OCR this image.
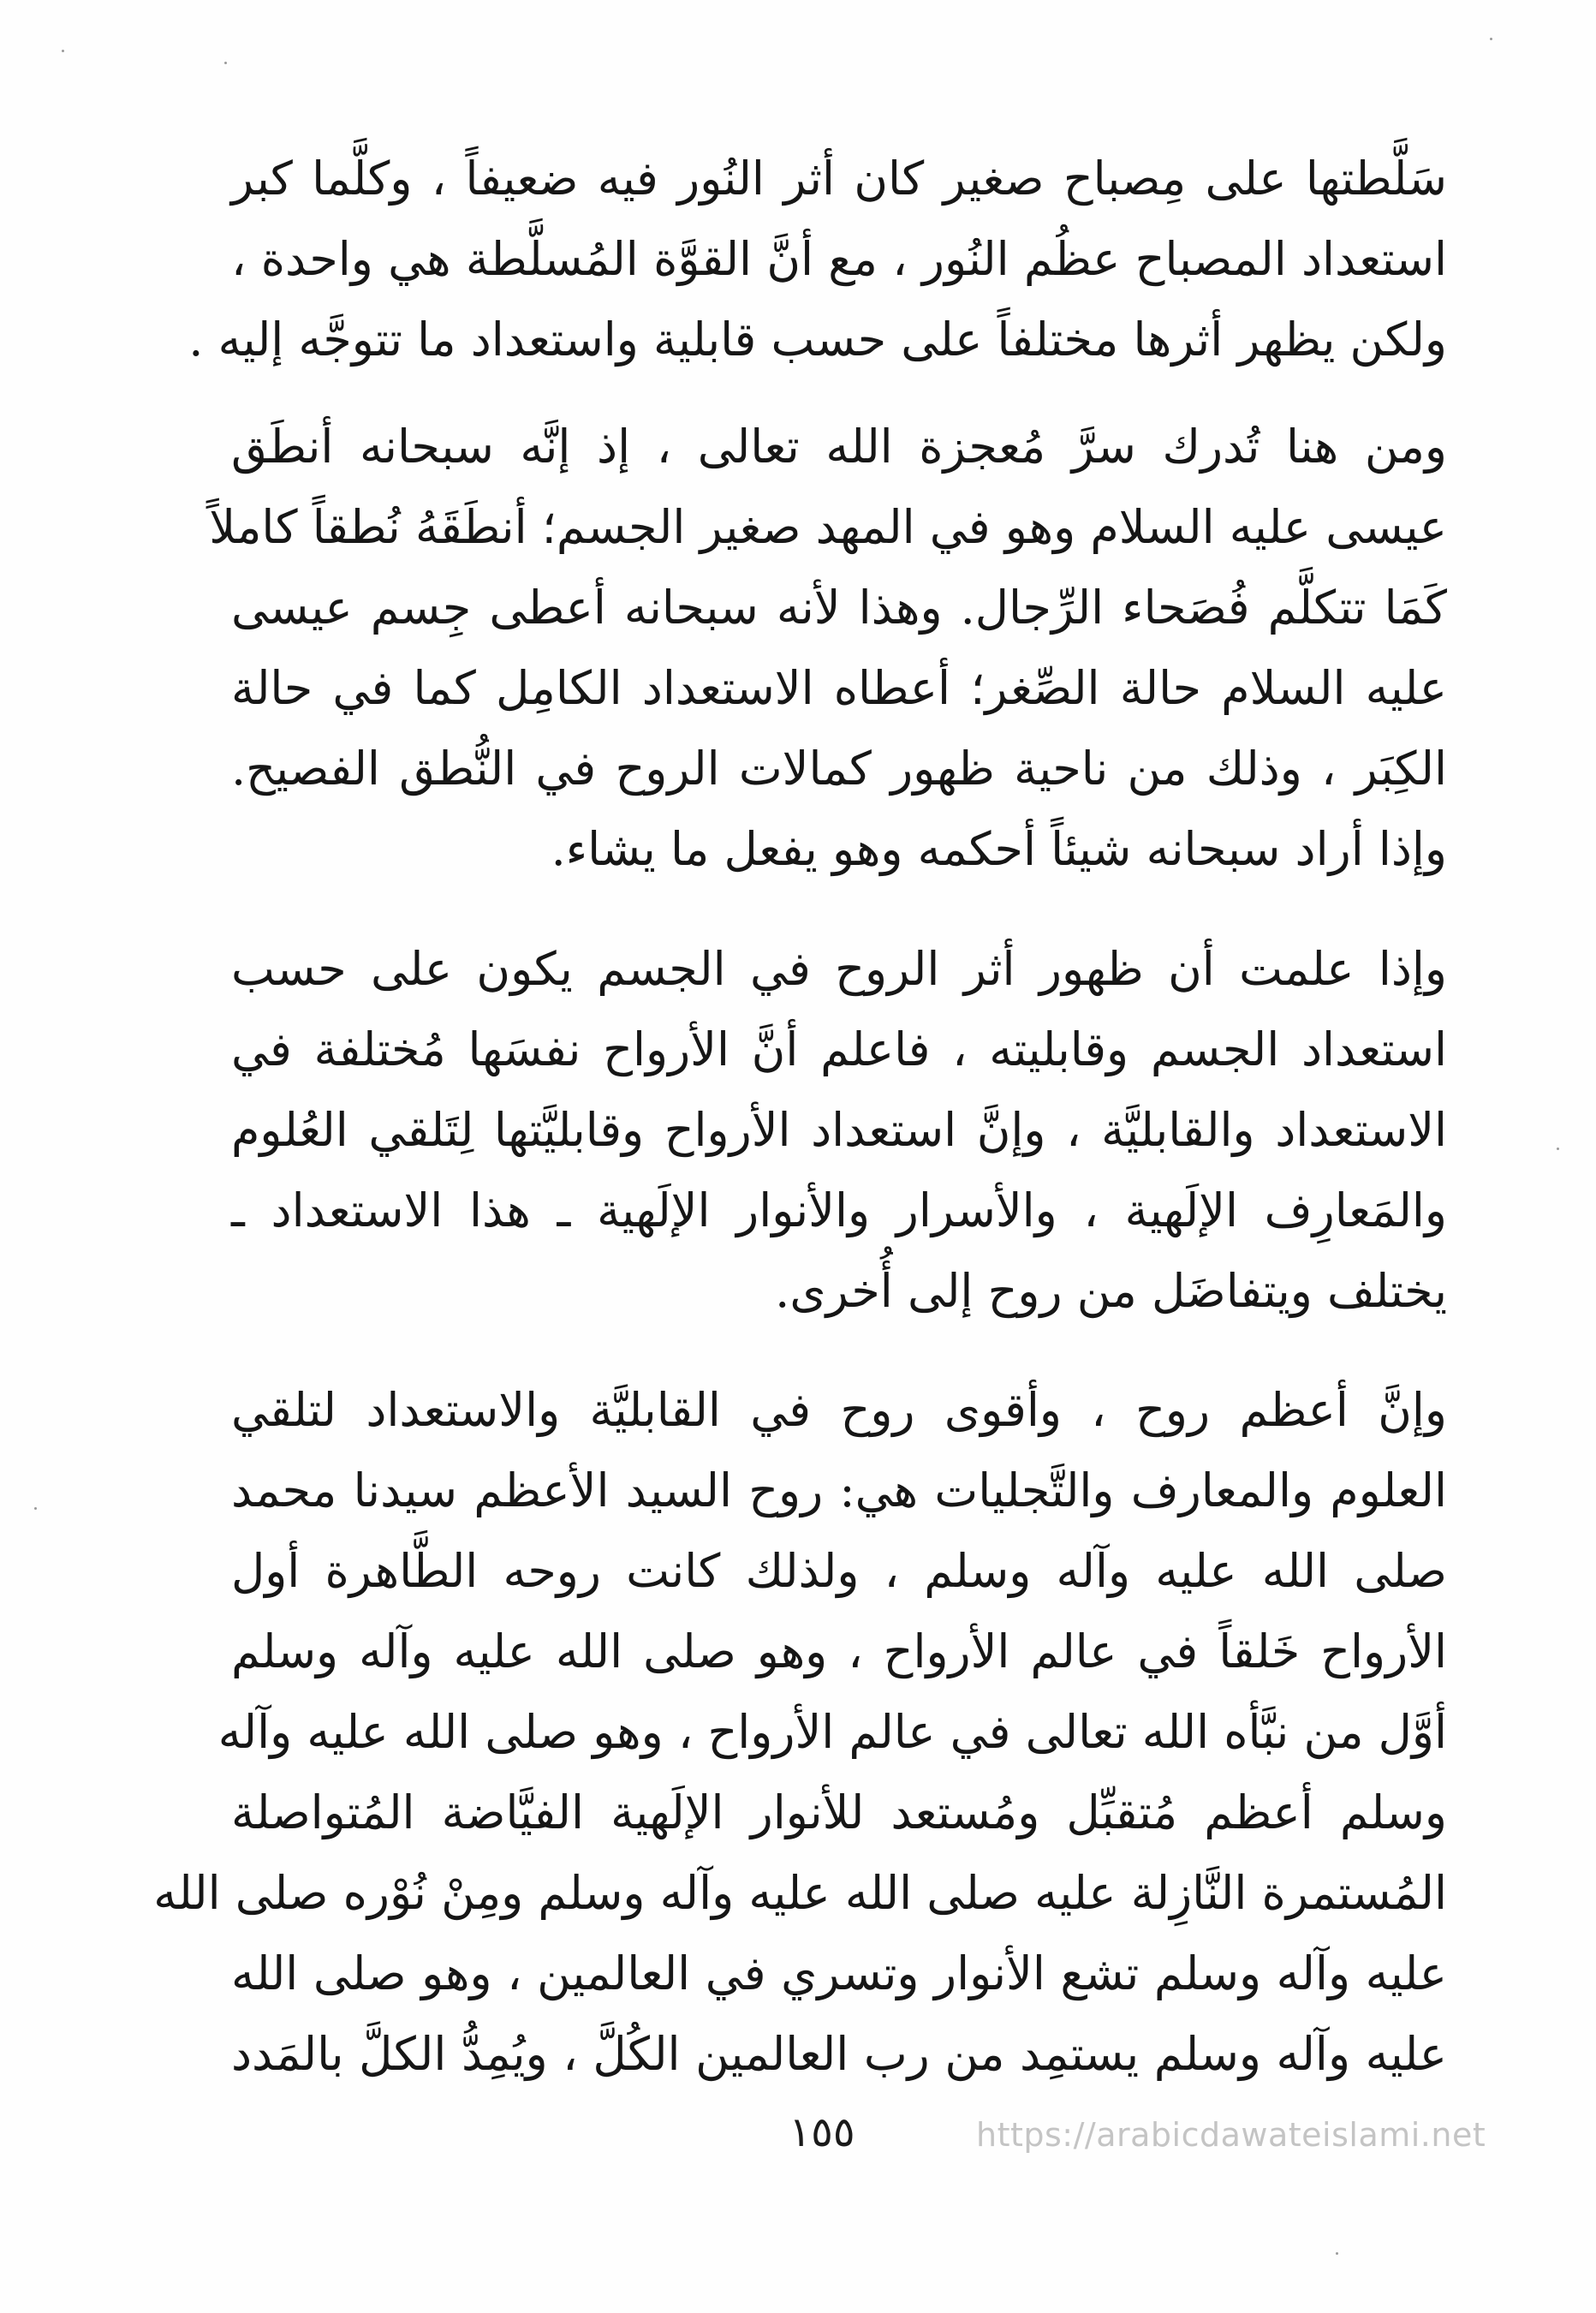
سَلَّطتها على مِصباح صغير كان أثر النُور فيه ضعيفاً ، وكلَّما كبر
استعداد المصباح عظُم النُور ، مع أنَّ القوَّة المُسلَّطة هي واحدة ،
ولكن يظهر أثرها مختلفاً على حسب قابلية واستعداد ما تتوجَّه إليه .
ومن هنا تُدرك سرَّ مُعجزة الله تعالى ، إذ إنَّه سبحانه أنطَق
عيسى عليه السلام وهو في المهد صغير الجسم؛ أنطَقَهُ نُطقاً كاملاً
كَمَا تتكلَّم فُصَحاء الرِّجال. وهذا لأنه سبحانه أعطى جِسم عيسى
عليه السلام حالة الصِّغر؛ أعطاه الاستعداد الكامِل كما في حالة
الكِبَر ، وذلك من ناحية ظهور كمالات الروح في النُّطق الفصيح.
وإذا أراد سبحانه شيئاً أحكمه وهو يفعل ما يشاء.
وإذا علمت أن ظهور أثر الروح في الجسم يكون على حسب
استعداد الجسم وقابليته ، فاعلم أنَّ الأرواح نفسَها مُختلفة في
الاستعداد والقابليَّة ، وإنَّ استعداد الأرواح وقابليَّتها لِتَلقي العُلوم
والمَعارِف الإلَهية ، والأسرار والأنوار الإلَهية ـ هذا الاستعداد ـ
يختلف ويتفاضَل من روح إلى أُخرى.
وإنَّ أعظم روح ، وأقوى روح في القابليَّة والاستعداد لتلقي
العلوم والمعارف والتَّجليات هي: روح السيد الأعظم سيدنا محمد
صلى الله عليه وآله وسلم ، ولذلك كانت روحه الطَّاهرة أول
الأرواح خَلقاً في عالم الأرواح ، وهو صلى الله عليه وآله وسلم
أوَّل من نبَّأه الله تعالى في عالم الأرواح ، وهو صلى الله عليه وآله
وسلم أعظم مُتقبِّل ومُستعد للأنوار الإلَهية الفيَّاضة المُتواصلة
المُستمرة النَّازِلة عليه صلى الله عليه وآله وسلم ومِنْ نُوْره صلى الله
عليه وآله وسلم تشع الأنوار وتسري في العالمين ، وهو صلى الله
عليه وآله وسلم يستمِد من رب العالمين الكُلَّ ، ويُمِدُّ الكلَّ بالمَدد
١٥٥	https://arabicdawateislami.net
